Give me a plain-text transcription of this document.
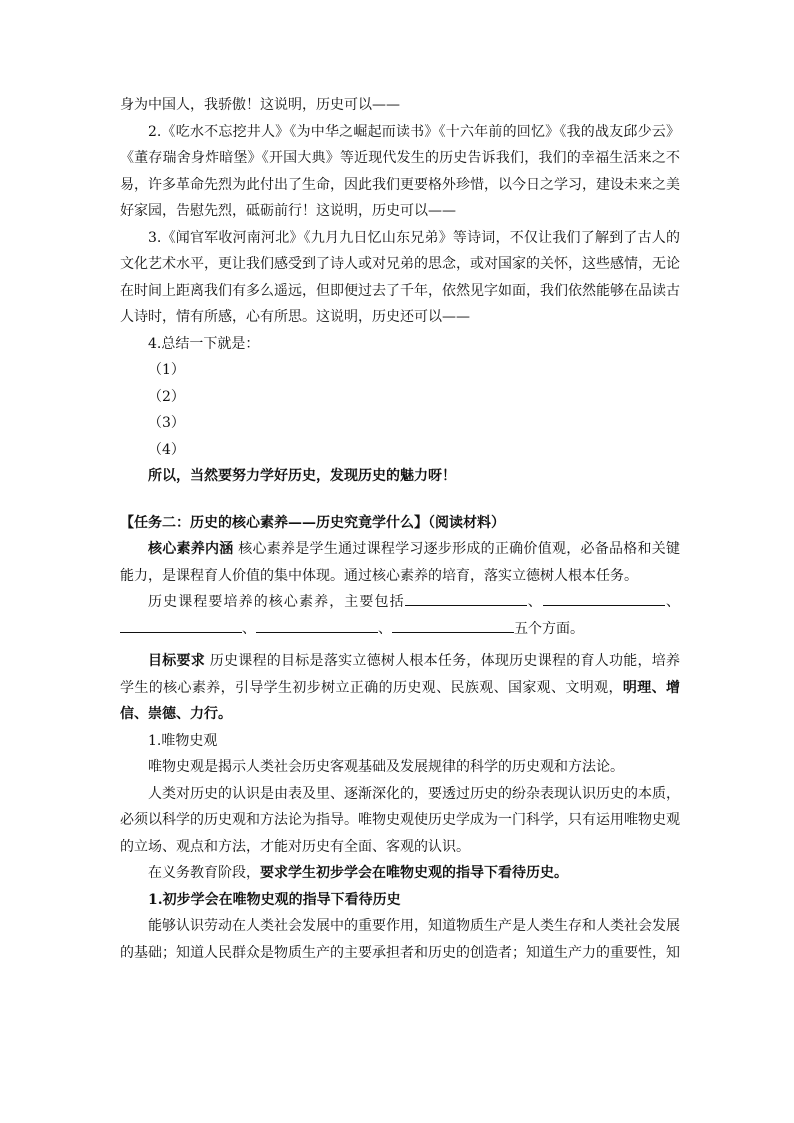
身为中国人，我骄傲！这说明，历史可以——

2.《吃水不忘挖井人》《为中华之崛起而读书》《十六年前的回忆》《我的战友邱少云》《董存瑞舍身炸暗堡》《开国大典》等近现代发生的历史告诉我们，我们的幸福生活来之不易，许多革命先烈为此付出了生命，因此我们更要格外珍惜，以今日之学习，建设未来之美好家园，告慰先烈，砥砺前行！这说明，历史可以——

3.《闻官军收河南河北》《九月九日忆山东兄弟》等诗词，不仅让我们了解到了古人的文化艺术水平，更让我们感受到了诗人或对兄弟的思念，或对国家的关怀，这些感情，无论在时间上距离我们有多么遥远，但即便过去了千年，依然见字如面，我们依然能够在品读古人诗时，情有所感，心有所思。这说明，历史还可以——

4.总结一下就是：

（1）

（2）

（3）

（4）

所以，当然要努力学好历史，发现历史的魅力呀！

【任务二：历史的核心素养——历史究竟学什么】（阅读材料）

核心素养内涵 核心素养是学生通过课程学习逐步形成的正确价值观，必备品格和关键能力，是课程育人价值的集中体现。通过核心素养的培育，落实立德树人根本任务。

历史课程要培养的核心素养，主要包括	、	、、	、	五个方面。

目标要求 历史课程的目标是落实立德树人根本任务，体现历史课程的育人功能，培养学生的核心素养，引导学生初步树立正确的历史观、民族观、国家观、文明观，明理、增信、崇德、力行。

1.唯物史观

唯物史观是揭示人类社会历史客观基础及发展规律的科学的历史观和方法论。

人类对历史的认识是由表及里、逐渐深化的，要透过历史的纷杂表现认识历史的本质，必须以科学的历史观和方法论为指导。唯物史观使历史学成为一门科学，只有运用唯物史观的立场、观点和方法，才能对历史有全面、客观的认识。

在义务教育阶段，要求学生初步学会在唯物史观的指导下看待历史。

1.初步学会在唯物史观的指导下看待历史

能够认识劳动在人类社会发展中的重要作用，知道物质生产是人类生存和人类社会发展的基础；知道人民群众是物质生产的主要承担者和历史的创造者；知道生产力的重要性，知
